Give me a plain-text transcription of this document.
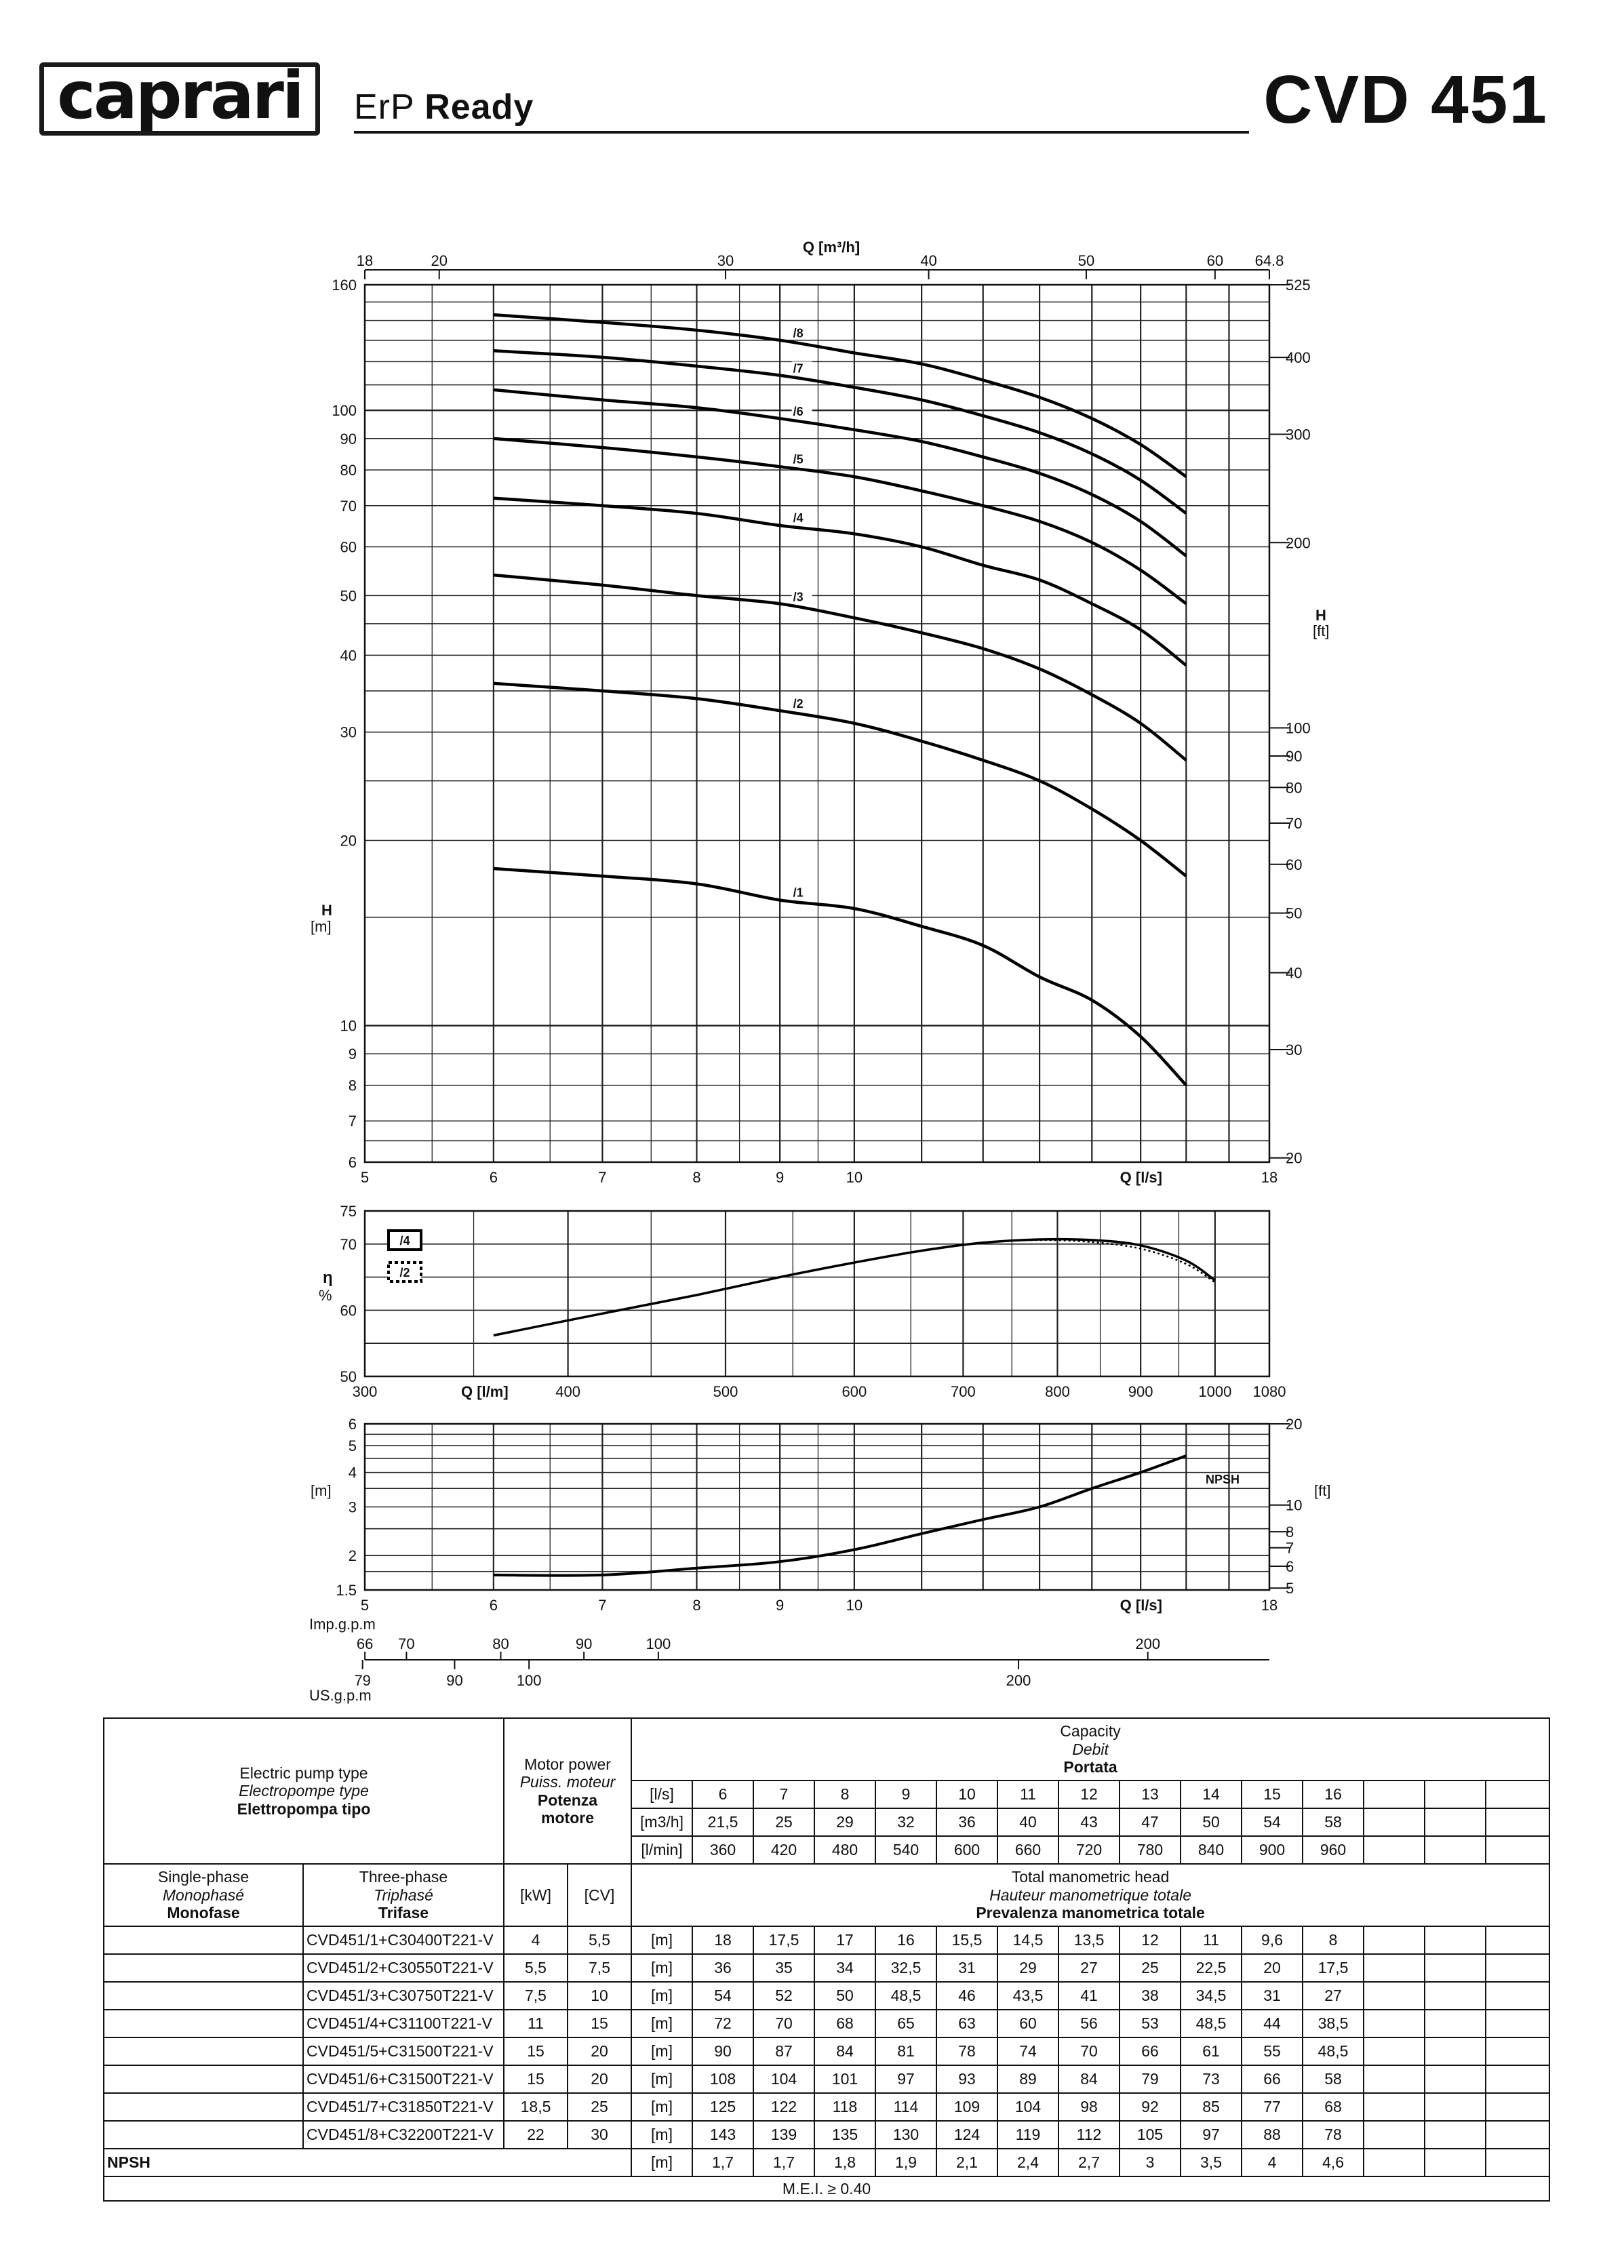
caprari ErP Ready	CVD 451
525
400
300
200
100
90
80
70
60
50
40
30
20
160
100
90
80
70
60
50
40
30
20
10
9
8
7
6
5	6	7	8	9	10	18
Q [l/s]
18	20	30	40	50	60 64.8
Q [m³/h]
H
[ft]
H
[m]
/1
/2
/3
/4
/5
/6
/7
/8
75
70
60
50
300	400	500	600	700	800	900	1000 1080
Q [l/m]
η
%
/4
/2
6
5
4
3
2
1.5
5	6	7	8	9	10	18
Q [l/s]
[m]	[ft]
20
10
8
7
6
5
NPSH
Imp.g.p.m
66 70	80	90	100	200
79	90	100	200
US.g.p.m
Electric pump type
Electropompe type
Elettropompa tipo		Motor power
Puiss. moteur
Potenza
motore		Capacity
Debit
Portata														
				[l/s]	6	7	8	9	10	11	12	13	14	15	16			
				[m3/h]	21,5	25	29	32	36	40	43	47	50	54	58			
				[l/min]	360	420	480	540	600	660	720	780	840	900	960			
Single-phase
Monophasé
Monofase	Three-phase
Triphasé
Trifase	[kW]	[CV]	Total manometric head
Hauteur manometrique totale
Prevalenza manometrica totale														
	CVD451/1+C30400T221-V	4	5,5	[m]	18	17,5	17	16	15,5	14,5	13,5	12	11	9,6	8			
	CVD451/2+C30550T221-V	5,5	7,5	[m]	36	35	34	32,5	31	29	27	25	22,5	20	17,5			
	CVD451/3+C30750T221-V	7,5	10	[m]	54	52	50	48,5	46	43,5	41	38	34,5	31	27			
	CVD451/4+C31100T221-V	11	15	[m]	72	70	68	65	63	60	56	53	48,5	44	38,5			
	CVD451/5+C31500T221-V	15	20	[m]	90	87	84	81	78	74	70	66	61	55	48,5			
	CVD451/6+C31500T221-V	15	20	[m]	108	104	101	97	93	89	84	79	73	66	58			
	CVD451/7+C31850T221-V	18,5	25	[m]	125	122	118	114	109	104	98	92	85	77	68			
	CVD451/8+C32200T221-V	22	30	[m]	143	139	135	130	124	119	112	105	97	88	78			
NPSH				[m]	1,7	1,7	1,8	1,9	2,1	2,4	2,7	3	3,5	4	4,6			
M.E.I. ≥ 0.40																		
